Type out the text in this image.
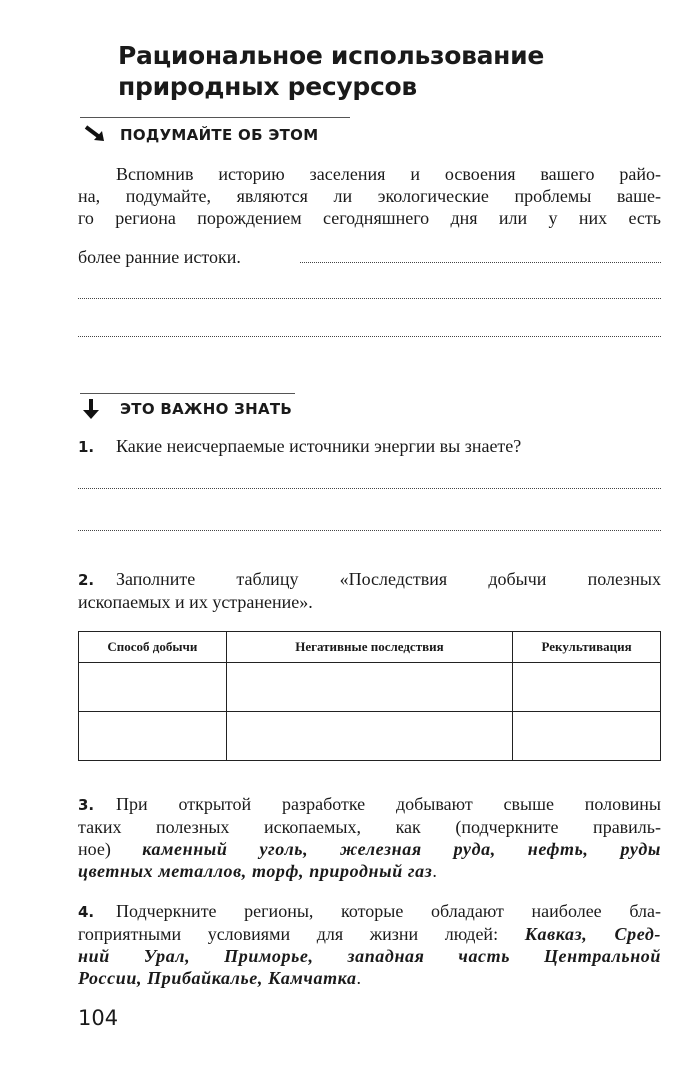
Рациональное использование
природных ресурсов
ПОДУМАЙТЕ ОБ ЭТОМ
Вспомнив историю заселения и освоения вашего райо-
на, подумайте, являются ли экологические проблемы ваше-
го региона порождением сегодняшнего дня или у них есть
более ранние истоки.
ЭТО ВАЖНО ЗНАТЬ
1. Какие неисчерпаемые источники энергии вы знаете?
2. Заполните таблицу «Последствия добычи полезных
ископаемых и их устранение».
Способ добычи	Негативные последствия	Рекультивация

3. При открытой разработке добывают свыше половины
таких полезных ископаемых, как (подчеркните правиль-
ное) каменный уголь, железная руда, нефть, руды
цветных металлов, торф, природный газ.
4. Подчеркните регионы, которые обладают наиболее бла-
гоприятными условиями для жизни людей: Кавказ, Сред-
ний Урал, Приморье, западная часть Центральной
России, Прибайкалье, Камчатка.
104
